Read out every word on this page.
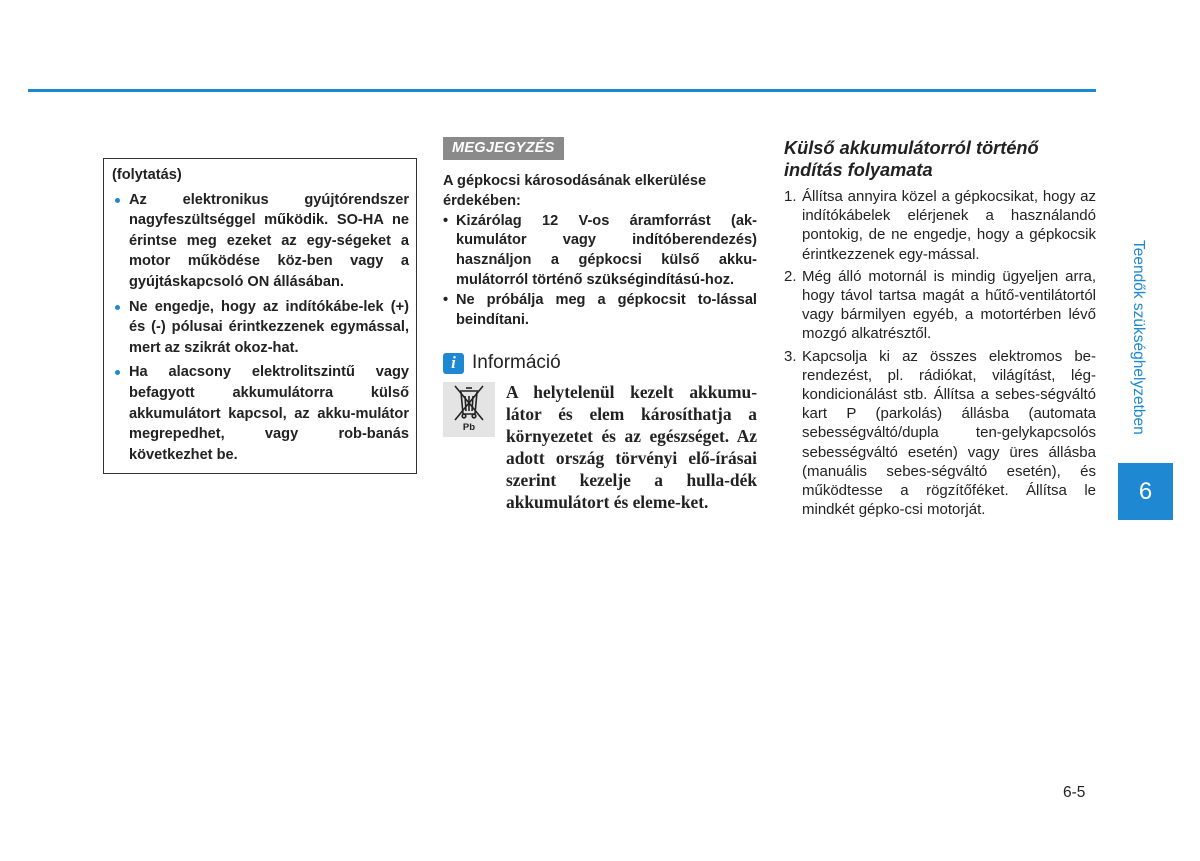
(folytatás)
Az elektronikus gyújtórendszer nagyfeszültséggel működik. SO-HA ne érintse meg ezeket az egy-ségeket a motor működése köz-ben vagy a gyújtáskapcsoló ON állásában.
Ne engedje, hogy az indítókábe-lek (+) és (-) pólusai érintkezzenek egymással, mert az szikrát okoz-hat.
Ha alacsony elektrolitszintű vagy befagyott akkumulátorra külső akkumulátort kapcsol, az akku-mulátor megrepedhet, vagy rob-banás következhet be.
MEGJEGYZÉS
A gépkocsi károsodásának elkerülése érdekében:
• Kizárólag 12 V-os áramforrást (ak-kumulátor vagy indítóberendezés) használjon a gépkocsi külső akku-mulátorról történő szükségindítású-hoz.
• Ne próbálja meg a gépkocsit to-lással beindítani.
i Információ
Pb
A helytelenül kezelt akkumu-látor és elem károsíthatja a környezetet és az egészséget. Az adott ország törvényi elő-írásai szerint kezelje a hulla-dék akkumulátort és eleme-ket.
Külső akkumulátorról történő indítás folyamata
1. Állítsa annyira közel a gépkocsikat, hogy az indítókábelek elérjenek a használandó pontokig, de ne engedje, hogy a gépkocsik érintkezzenek egy-mással.
2. Még álló motornál is mindig ügyeljen arra, hogy távol tartsa magát a hűtő-ventilátortól vagy bármilyen egyéb, a motortérben lévő mozgó alkatrésztől.
3. Kapcsolja ki az összes elektromos be-rendezést, pl. rádiókat, világítást, lég-kondicionálást stb. Állítsa a sebes-ségváltó kart P (parkolás) állásba (automata sebességváltó/dupla ten-gelykapcsolós sebességváltó esetén) vagy üres állásba (manuális sebes-ségváltó esetén), és működtesse a rögzítőféket. Állítsa le mindkét gépko-csi motorját.
Teendők szükséghelyzetben
6
6-5
